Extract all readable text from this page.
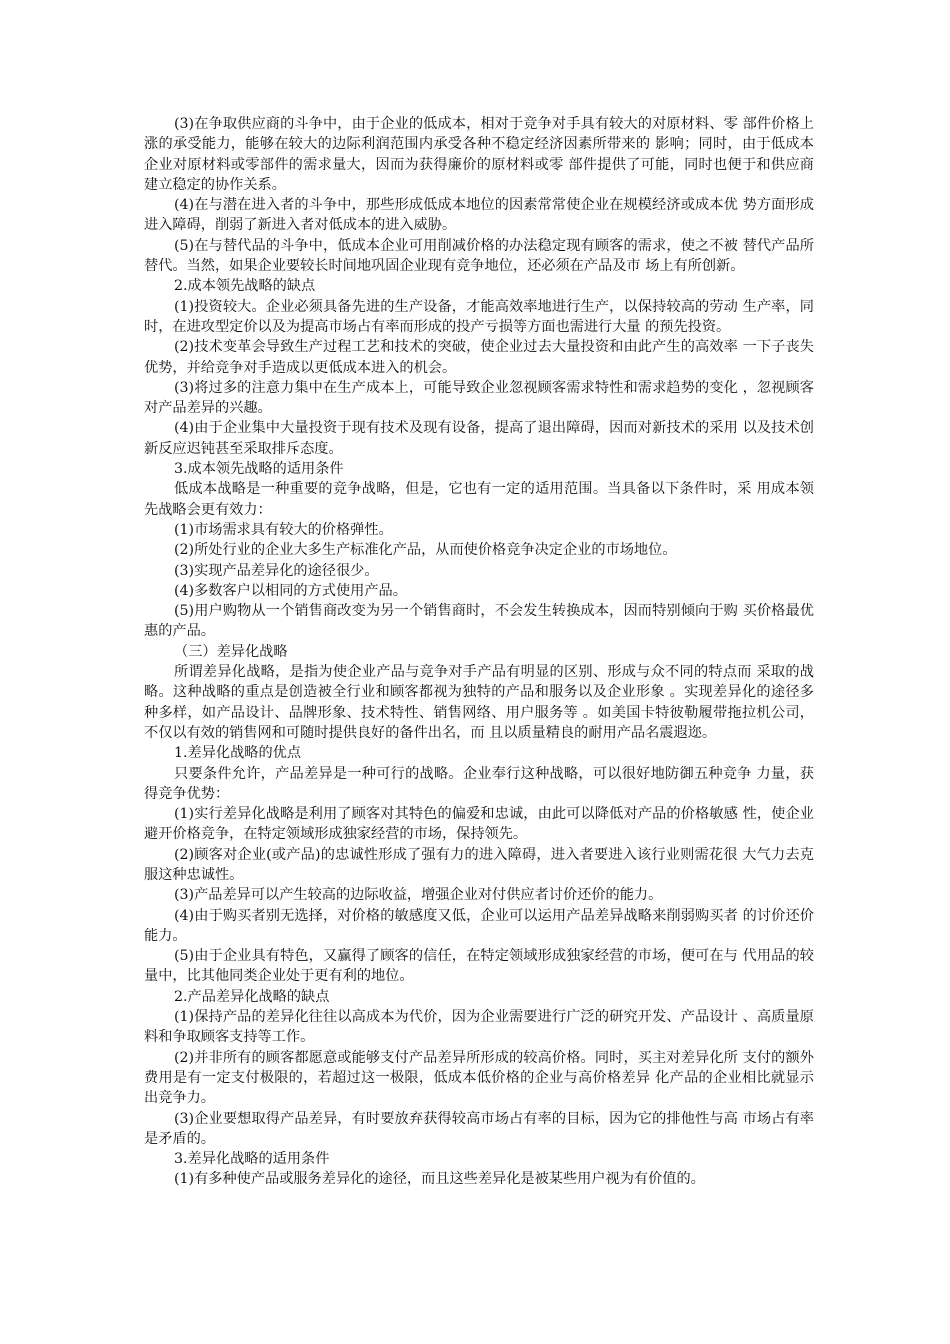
(3)在争取供应商的斗争中，由于企业的低成本，相对于竞争对手具有较大的对原材料、零 部件价格上涨的承受能力，能够在较大的边际利润范围内承受各种不稳定经济因素所带来的 影响；同时，由于低成本企业对原材料或零部件的需求量大，因而为获得廉价的原材料或零 部件提供了可能，同时也便于和供应商建立稳定的协作关系。

(4)在与潜在进入者的斗争中，那些形成低成本地位的因素常常使企业在规模经济或成本优 势方面形成进入障碍，削弱了新进入者对低成本的进入威胁。

(5)在与替代品的斗争中，低成本企业可用削减价格的办法稳定现有顾客的需求，使之不被 替代产品所替代。当然，如果企业要较长时间地巩固企业现有竞争地位，还必须在产品及市 场上有所创新。

2.成本领先战略的缺点

(1)投资较大。企业必须具备先进的生产设备，才能高效率地进行生产，以保持较高的劳动 生产率，同时，在进攻型定价以及为提高市场占有率而形成的投产亏损等方面也需进行大量 的预先投资。

(2)技术变革会导致生产过程工艺和技术的突破，使企业过去大量投资和由此产生的高效率 一下子丧失优势，并给竞争对手造成以更低成本进入的机会。

(3)将过多的注意力集中在生产成本上，可能导致企业忽视顾客需求特性和需求趋势的变化 ，忽视顾客对产品差异的兴趣。

(4)由于企业集中大量投资于现有技术及现有设备，提高了退出障碍，因而对新技术的采用 以及技术创新反应迟钝甚至采取排斥态度。

3.成本领先战略的适用条件

低成本战略是一种重要的竞争战略，但是，它也有一定的适用范围。当具备以下条件时，采 用成本领先战略会更有效力：

(1)市场需求具有较大的价格弹性。

(2)所处行业的企业大多生产标准化产品，从而使价格竞争决定企业的市场地位。

(3)实现产品差异化的途径很少。

(4)多数客户以相同的方式使用产品。

(5)用户购物从一个销售商改变为另一个销售商时，不会发生转换成本，因而特别倾向于购 买价格最优惠的产品。

（三）差异化战略

所谓差异化战略，是指为使企业产品与竞争对手产品有明显的区别、形成与众不同的特点而 采取的战略。这种战略的重点是创造被全行业和顾客都视为独特的产品和服务以及企业形象 。实现差异化的途径多种多样，如产品设计、品牌形象、技术特性、销售网络、用户服务等 。如美国卡特彼勒履带拖拉机公司，不仅以有效的销售网和可随时提供良好的备件出名，而 且以质量精良的耐用产品名震遐迩。

1.差异化战略的优点

只要条件允许，产品差异是一种可行的战略。企业奉行这种战略，可以很好地防御五种竞争 力量，获得竞争优势：

(1)实行差异化战略是利用了顾客对其特色的偏爱和忠诚，由此可以降低对产品的价格敏感 性，使企业避开价格竞争，在特定领域形成独家经营的市场，保持领先。

(2)顾客对企业(或产品)的忠诚性形成了强有力的进入障碍，进入者要进入该行业则需花很 大气力去克服这种忠诚性。

(3)产品差异可以产生较高的边际收益，增强企业对付供应者讨价还价的能力。

(4)由于购买者别无选择，对价格的敏感度又低，企业可以运用产品差异战略来削弱购买者 的讨价还价能力。

(5)由于企业具有特色，又赢得了顾客的信任，在特定领域形成独家经营的市场，便可在与 代用品的较量中，比其他同类企业处于更有利的地位。

2.产品差异化战略的缺点

(1)保持产品的差异化往往以高成本为代价，因为企业需要进行广泛的研究开发、产品设计 、高质量原料和争取顾客支持等工作。

(2)并非所有的顾客都愿意或能够支付产品差异所形成的较高价格。同时，买主对差异化所 支付的额外费用是有一定支付极限的，若超过这一极限，低成本低价格的企业与高价格差异 化产品的企业相比就显示出竞争力。

(3)企业要想取得产品差异，有时要放弃获得较高市场占有率的目标，因为它的排他性与高 市场占有率是矛盾的。

3.差异化战略的适用条件

(1)有多种使产品或服务差异化的途径，而且这些差异化是被某些用户视为有价值的。
